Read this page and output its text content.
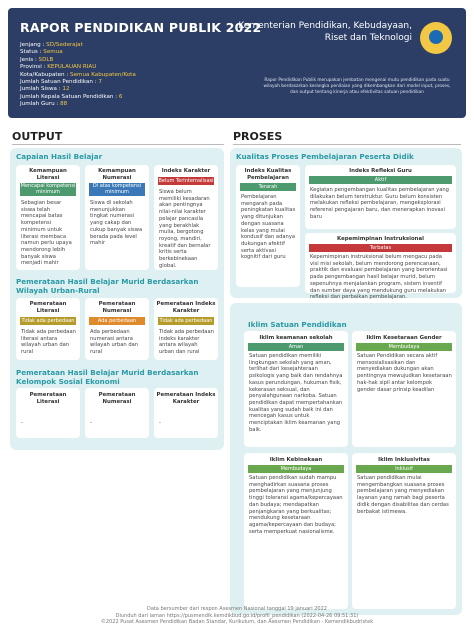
RAPOR PENDIDIKAN PUBLIK 2022
Jenjang : SD/Sederajat
Status : Semua
Jenis : SDLB
Provinsi : KEPULAUAN RIAU
Kota/Kabupaten : Semua Kabupaten/Kota
Jumlah Satuan Pendidikan : 7
Jumlah Siswa : 12
Jumlah Kepala Satuan Pendidikan : 6
Jumlah Guru : 88
Kementerian Pendidikan, Kebudayaan,
Riset dan Teknologi
Rapor Pendidikan Publik merupakan jembatan mengenai mutu pendidikan pada suatu wilayah berdasarkan kerangka penilaian yang dikembangkan dari model input, proses, dan output tentang kinerja atau efektivitas satuan pendidikan
OUTPUT	PROSES
Capaian Hasil Belajar
Kemampuan Literasi
Mencapai kompetensi minimum
Sebagian besar siswa telah mencapai batas kompetensi minimum untuk literasi membaca namun perlu upaya mendorong lebih banyak siswa menjadi mahir
Kemampuan Numerasi
Di atas kompetensi minimum
Siswa di sekolah menunjukkan tingkat numerasi yang cakap dan cukup banyak siswa berada pada level mahir
Indeks Karakter
Belum Terinternalisasi
Siswa belum memiliki kesadaran akan pentingnya nilai-nilai karakter pelajar pancasila yang berakhlak mulia, bergotong royong, mandiri, kreatif dan bernalar kritis serta berkebinekaan global.
Pemerataan Hasil Belajar Murid Berdasarkan Wilayah Urban-Rural
Pemerataan Literasi
Tidak ada perbedaan
Tidak ada perbedaan literasi antara wilayah urban dan rural
Pemerataan Numerasi
Ada perbedaan
Ada perbedaan numerasi antara wilayah urban dan rural
Pemerataan Indeks Karakter
Tidak ada perbedaan
Tidak ada perbedaan indeks karakter antara wilayah urban dan rural
Pemerataan Hasil Belajar Murid Berdasarkan Kelompok Sosial Ekonomi
Pemerataan Literasi
-
Pemerataan Numerasi
-
Pemerataan Indeks Karakter
-
Kualitas Proses Pembelajaran Peserta Didik
Indeks Kualitas Pembelajaran
Terarah
Pembelajaran mengarah pada peningkatan kualitas yang ditunjukan dengan suasana kelas yang mulai kondusif dan adanya dukungan afektif serta aktivasi kognitif dari guru
Indeks Refleksi Guru
Aktif
Kegiatan pengembangan kualitas pembelajaran yang dilakukan belum terstruktur. Guru belum konsisten melakukan refleksi pembelajaran, mengeksplorasi referensi pengajaran baru, dan menerapkan inovasi baru
Kepemimpinan Instruksional
Terbatas
Kepemimpinan instruksional belum mengacu pada visi misi sekolah, belum mendorong perencanaan, praktik dan evaluasi pembelajaran yang berorientasi pada pengembangan hasil belajar murid, belum sepenuhnya menjalankan program, sistem insentif dan sumber daya yang mendukung guru melakukan refleksi dan perbaikan pembelajaran.
Iklim Satuan Pendidikan
Iklim keamanan sekolah
Aman
Satuan pendidikan memiliki lingkungan sekolah yang aman, terlihat dari kesejahteraan psikologis yang baik dan rendahnya kasus perundungan, hukuman fisik, kekerasan seksual, dan penyalahgunaan narkoba. Satuan pendidikan dapat mempertahankan kualitas yang sudah baik ini dan mencegah kasus untuk menciptakan iklim keamanan yang baik.
Iklim Kesetaraan Gender
Membudaya
Satuan Pendidikan secara aktif mensosialisasikan dan menyediakan dukungan akan pentingnya mewujudkan kesetaraan hak-hak sipil antar kelompok gender dasar prinsip keadilan
Iklim Kebinekaan
Membudaya
Satuan pendidikan sudah mampu menghadirkan suasana proses pembelajaran yang menjunjung tinggi toleransi agama/kepercayaan dan budaya; mendapatkan penjangkaran yang berkualitas; mendukung kesetaraan agama/kepercayaan dan budaya; serta memperkuat nasionalisme.
Iklim Inklusivitas
Inklusif
Satuan pendidikan mulai mengembangkan suasana proses pembelajaran yang menyediakan layanan yang ramah bagi peserta didik dengan disabilitas dan cerdas berbakat istimewa.
Data bersumber dari respon Asesmen Nasional tanggal 19 januari 2022
Diunduh dari laman https://pusmendik.kemdikbud.go.id/profil_pendidikan (2022-04-26 09:51:31)
©2022 Pusat Asesmen Pendidikan Badan Standar, Kurikulum, dan Asesmen Pendidikan - Kemendikbudristek
